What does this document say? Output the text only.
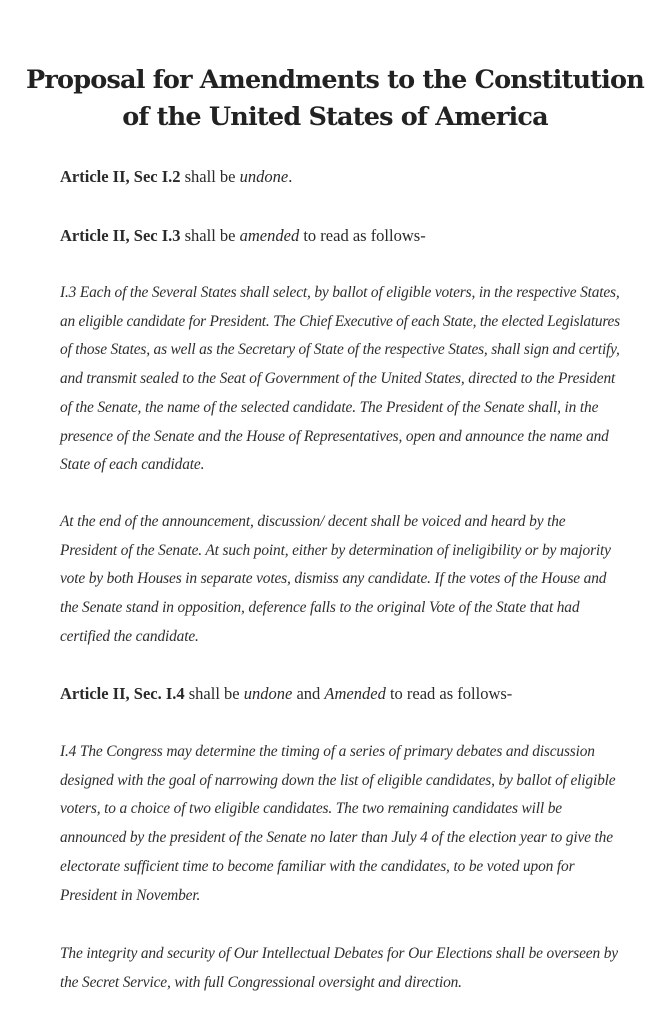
Proposal for Amendments to the Constitution
of the United States of America

Article II, Sec I.2 shall be undone.

Article II, Sec I.3 shall be amended to read as follows-

I.3 Each of the Several States shall select, by ballot of eligible voters, in the respective States,
an eligible candidate for President. The Chief Executive of each State, the elected Legislatures
of those States, as well as the Secretary of State of the respective States, shall sign and certify,
and transmit sealed to the Seat of Government of the United States, directed to the President
of the Senate, the name of the selected candidate. The President of the Senate shall, in the
presence of the Senate and the House of Representatives, open and announce the name and
State of each candidate.

At the end of the announcement, discussion/ decent shall be voiced and heard by the
President of the Senate. At such point, either by determination of ineligibility or by majority
vote by both Houses in separate votes, dismiss any candidate. If the votes of the House and
the Senate stand in opposition, deference falls to the original Vote of the State that had
certified the candidate.

Article II, Sec. I.4 shall be undone and Amended to read as follows-

I.4 The Congress may determine the timing of a series of primary debates and discussion
designed with the goal of narrowing down the list of eligible candidates, by ballot of eligible
voters, to a choice of two eligible candidates. The two remaining candidates will be
announced by the president of the Senate no later than July 4 of the election year to give the
electorate sufficient time to become familiar with the candidates, to be voted upon for
President in November.

The integrity and security of Our Intellectual Debates for Our Elections shall be overseen by
the Secret Service, with full Congressional oversight and direction.
